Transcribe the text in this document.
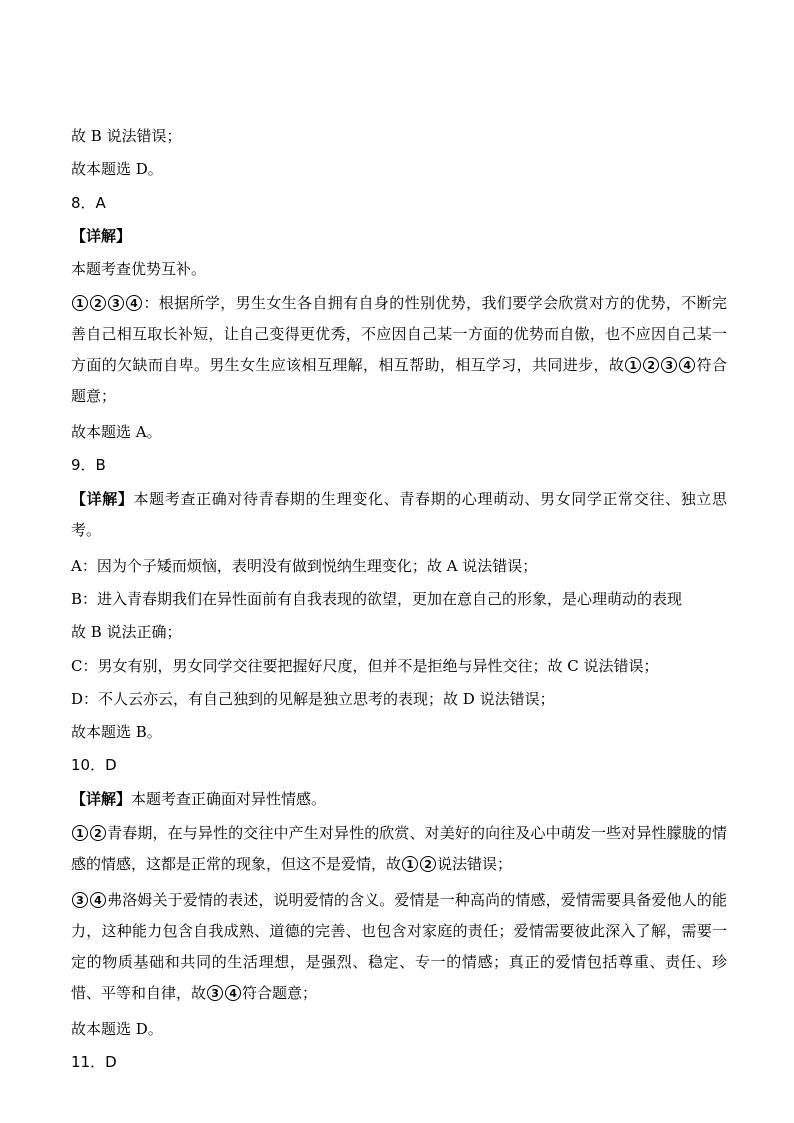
故 B 说法错误；
故本题选 D。
8．A
【详解】
本题考查优势互补。
1 2 3 4 ：根据所学，男生女生各自拥有自身的性别优势，我们要学会欣赏对方的优势，不断完善自己相互取长补短，让自己变得更优秀，不应因自己某一方面的优势而自傲，也不应因自己某一方面的欠缺而自卑。男生女生应该相互理解，相互帮助，相互学习，共同进步，故 1 2 3 4 符合题意；
故本题选 A。
9．B
【详解】本题考查正确对待青春期的生理变化、青春期的心理萌动、男女同学正常交往、独立思考。
A：因为个子矮而烦恼，表明没有做到悦纳生理变化；故 A 说法错误；
B：进入青春期我们在异性面前有自我表现的欲望，更加在意自己的形象，是心理萌动的表现
故 B 说法正确；
C：男女有别，男女同学交往要把握好尺度，但并不是拒绝与异性交往；故 C 说法错误；
D：不人云亦云，有自己独到的见解是独立思考的表现；故 D 说法错误；
故本题选 B。
10．D
【详解】本题考查正确面对异性情感。
1 2 青春期，在与异性的交往中产生对异性的欣赏、对美好的向往及心中萌发一些对异性朦胧的情感的情感，这都是正常的现象，但这不是爱情，故 1 2 说法错误；
3 4 弗洛姆关于爱情的表述，说明爱情的含义。爱情是一种高尚的情感，爱情需要具备爱他人的能力，这种能力包含自我成熟、道德的完善、也包含对家庭的责任；爱情需要彼此深入了解，需要一定的物质基础和共同的生活理想，是强烈、稳定、专一的情感；真正的爱情包括尊重、责任、珍惜、平等和自律，故 3 4 符合题意；
故本题选 D。
11．D
